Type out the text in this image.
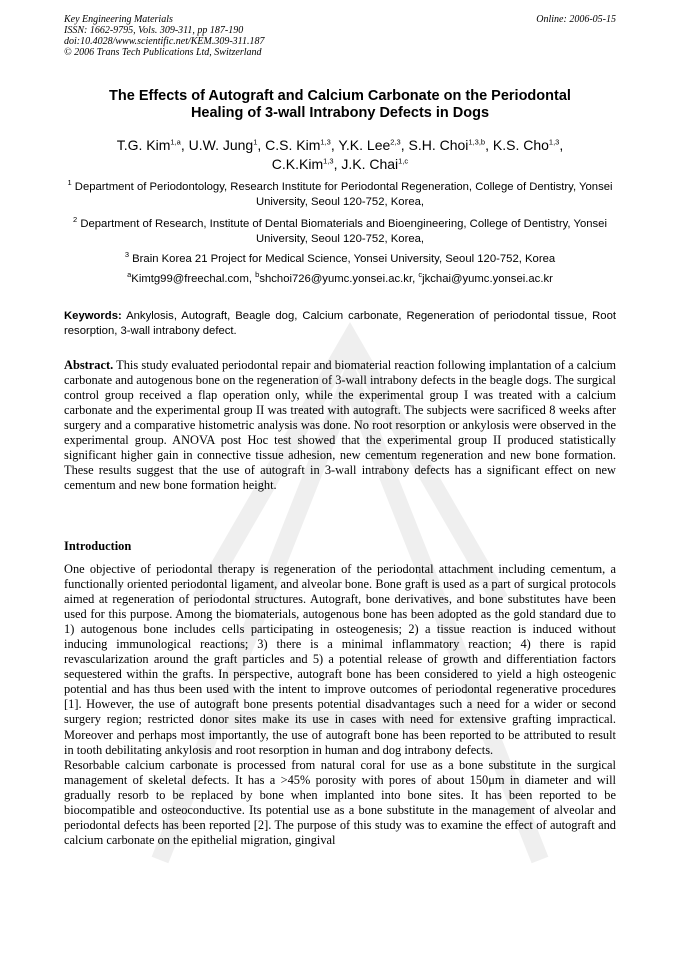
Key Engineering Materials
ISSN: 1662-9795, Vols. 309-311, pp 187-190
doi:10.4028/www.scientific.net/KEM.309-311.187
© 2006 Trans Tech Publications Ltd, Switzerland
Online: 2006-05-15
The Effects of Autograft and Calcium Carbonate on the Periodontal
Healing of 3-wall Intrabony Defects in Dogs
T.G. Kim$^{1,a}$, U.W. Jung$^1$, C.S. Kim$^{1,3}$, Y.K. Lee$^{2,3}$, S.H. Choi$^{1,3,b}$, K.S. Cho$^{1,3}$,
C.K.Kim$^{1,3}$, J.K. Chai$^{1,c}$
$^1$ Department of Periodontology, Research Institute for Periodontal Regeneration, College of Dentistry, Yonsei University, Seoul 120-752, Korea,
$^2$ Department of Research, Institute of Dental Biomaterials and Bioengineering, College of Dentistry, Yonsei University, Seoul 120-752, Korea,
$^3$ Brain Korea 21 Project for Medical Science, Yonsei University, Seoul 120-752, Korea
$^a$Kimtg99@freechal.com, $^b$shchoi726@yumc.yonsei.ac.kr, $^c$jkchai@yumc.yonsei.ac.kr
Keywords: Ankylosis, Autograft, Beagle dog, Calcium carbonate, Regeneration of periodontal tissue, Root resorption, 3-wall intrabony defect.
Abstract. This study evaluated periodontal repair and biomaterial reaction following implantation of a calcium carbonate and autogenous bone on the regeneration of 3-wall intrabony defects in the beagle dogs. The surgical control group received a flap operation only, while the experimental group I was treated with a calcium carbonate and the experimental group II was treated with autograft. The subjects were sacrificed 8 weeks after surgery and a comparative histometric analysis was done. No root resorption or ankylosis were observed in the experimental group. ANOVA post Hoc test showed that the experimental group II produced statistically significant higher gain in connective tissue adhesion, new cementum regeneration and new bone formation. These results suggest that the use of autograft in 3-wall intrabony defects has a significant effect on new cementum and new bone formation height.
Introduction

One objective of periodontal therapy is regeneration of the periodontal attachment including cementum, a functionally oriented periodontal ligament, and alveolar bone. Bone graft is used as a part of surgical protocols aimed at regeneration of periodontal structures. Autograft, bone derivatives, and bone substitutes have been used for this purpose. Among the biomaterials, autogenous bone has been adopted as the gold standard due to 1) autogenous bone includes cells participating in osteogenesis; 2) a tissue reaction is induced without inducing immunological reactions; 3) there is a minimal inflammatory reaction; 4) there is rapid revascularization around the graft particles and 5) a potential release of growth and differentiation factors sequestered within the grafts. In perspective, autograft bone has been considered to yield a high osteogenic potential and has thus been used with the intent to improve outcomes of periodontal regenerative procedures [1]. However, the use of autograft bone presents potential disadvantages such a need for a wider or second surgery region; restricted donor sites make its use in cases with need for extensive grafting impractical. Moreover and perhaps most importantly, the use of autograft bone has been reported to be attributed to result in tooth debilitating ankylosis and root resorption in human and dog intrabony defects.

Resorbable calcium carbonate is processed from natural coral for use as a bone substitute in the surgical management of skeletal defects. It has a >45% porosity with pores of about 150μm in diameter and will gradually resorb to be replaced by bone when implanted into bone sites. It has been reported to be biocompatible and osteoconductive. Its potential use as a bone substitute in the management of alveolar and periodontal defects has been reported [2]. The purpose of this study was to examine the effect of autograft and calcium carbonate on the epithelial migration, gingival
